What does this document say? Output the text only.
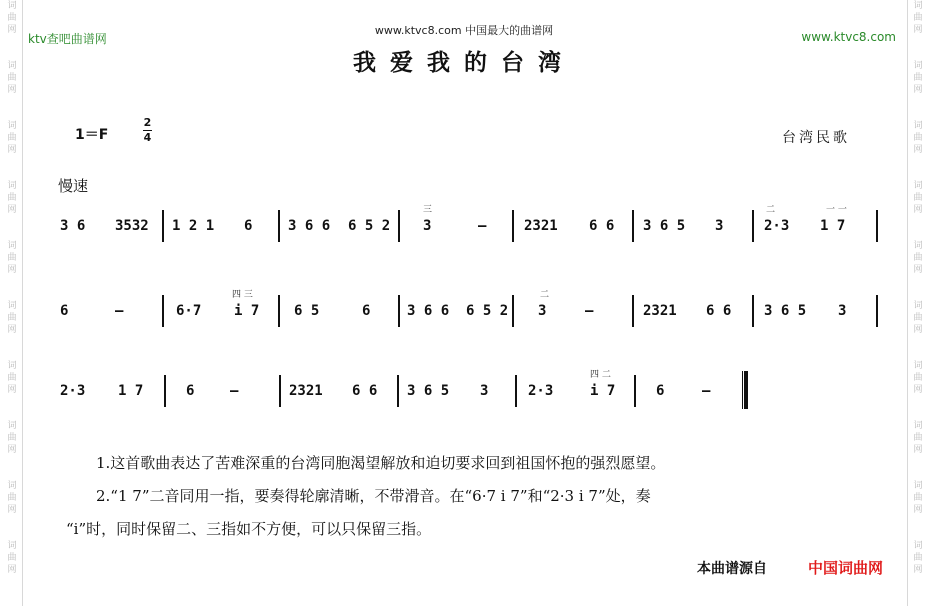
词
曲
网

词
曲
网

词
曲
网

词
曲
网

词
曲
网

词
曲
网

词
曲
网

词
曲
网

词
曲
网

词
曲
网
词
曲
网

词
曲
网

词
曲
网

词
曲
网

词
曲
网

词
曲
网

词
曲
网

词
曲
网

词
曲
网

词
曲
网
ktv查吧曲谱网
www.ktvc8.com 中国最大的曲谱网	www.ktvc8.com
我爱我的台湾
1＝F
2
4	台湾民歌
慢速
3 6 3532 1 2 1 6	3 6 6 6 5 2
三
3	–	2321 6 6 3 6 5 3
二
2·3
一 一
1 7
6	–	6·7
四 三
i 7 6 5	6	3 6 6 6 5 2
二
3	–	2321 6 6 3 6 5 3
2·3 1 7	6	–	2321 6 6 3 6 5 3	2·3
四 二
i 7	6	–
1.这首歌曲表达了苦难深重的台湾同胞渴望解放和迫切要求回到祖国怀抱的强烈愿望。
2.“1 7”二音同用一指，要奏得轮廓清晰，不带滑音。在“6·7 i 7”和“2·3 i 7”处，奏
“i”时，同时保留二、三指如不方便，可以只保留三指。
本曲谱源自	中国词曲网
